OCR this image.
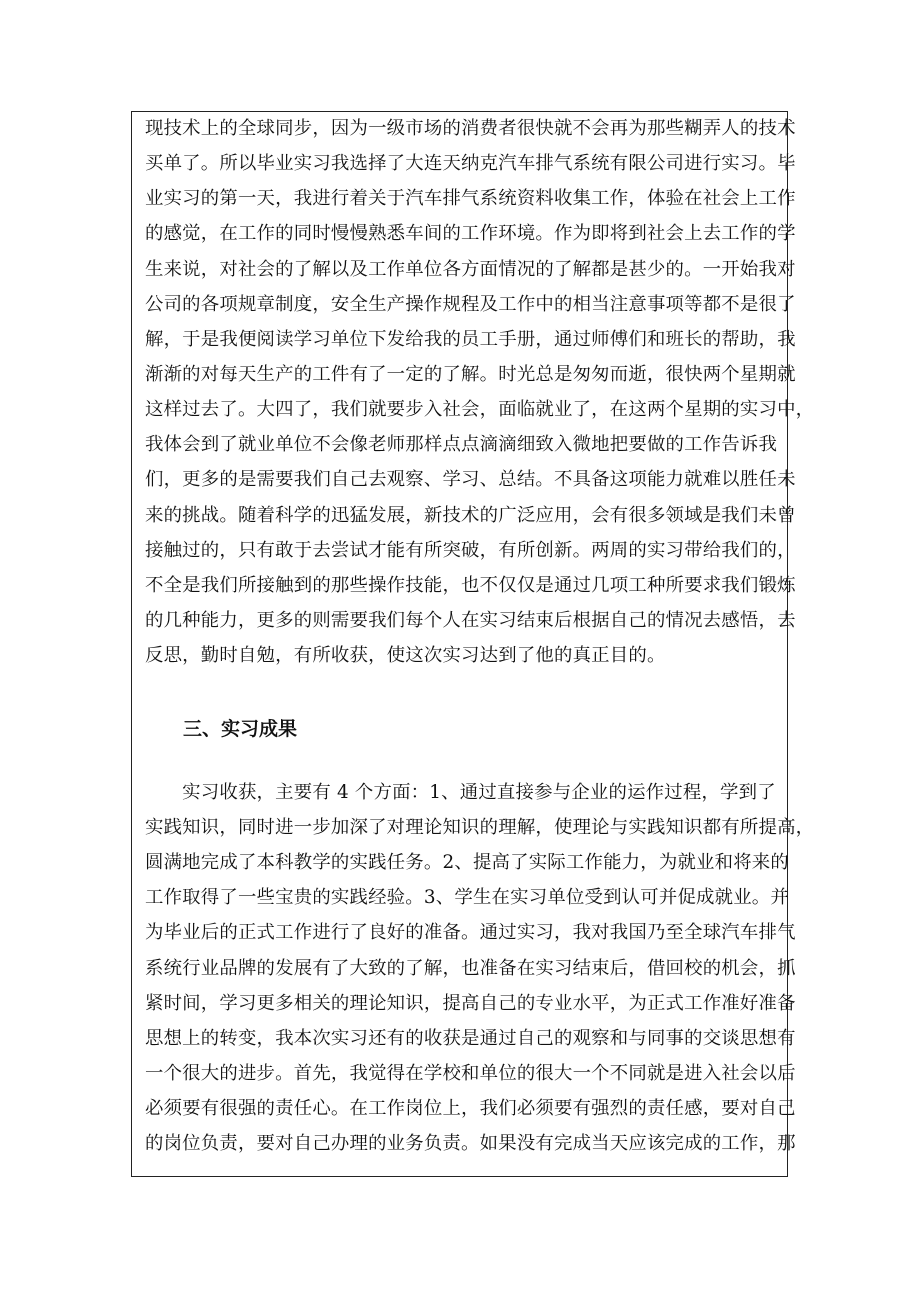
现技术上的全球同步，因为一级市场的消费者很快就不会再为那些糊弄人的技术
买单了。所以毕业实习我选择了大连天纳克汽车排气系统有限公司进行实习。毕
业实习的第一天，我进行着关于汽车排气系统资料收集工作，体验在社会上工作
的感觉，在工作的同时慢慢熟悉车间的工作环境。作为即将到社会上去工作的学
生来说，对社会的了解以及工作单位各方面情况的了解都是甚少的。一开始我对
公司的各项规章制度，安全生产操作规程及工作中的相当注意事项等都不是很了
解，于是我便阅读学习单位下发给我的员工手册，通过师傅们和班长的帮助，我
渐渐的对每天生产的工件有了一定的了解。时光总是匆匆而逝，很快两个星期就
这样过去了。大四了，我们就要步入社会，面临就业了，在这两个星期的实习中，
我体会到了就业单位不会像老师那样点点滴滴细致入微地把要做的工作告诉我
们，更多的是需要我们自己去观察、学习、总结。不具备这项能力就难以胜任未
来的挑战。随着科学的迅猛发展，新技术的广泛应用，会有很多领域是我们未曾
接触过的，只有敢于去尝试才能有所突破，有所创新。两周的实习带给我们的，
不全是我们所接触到的那些操作技能，也不仅仅是通过几项工种所要求我们锻炼
的几种能力，更多的则需要我们每个人在实习结束后根据自己的情况去感悟，去
反思，勤时自勉，有所收获，使这次实习达到了他的真正目的。
三、实习成果
　　实习收获，主要有 4 个方面：1、通过直接参与企业的运作过程，学到了
实践知识，同时进一步加深了对理论知识的理解，使理论与实践知识都有所提高，
圆满地完成了本科教学的实践任务。2、提高了实际工作能力，为就业和将来的
工作取得了一些宝贵的实践经验。3、学生在实习单位受到认可并促成就业。并
为毕业后的正式工作进行了良好的准备。通过实习，我对我国乃至全球汽车排气
系统行业品牌的发展有了大致的了解，也准备在实习结束后，借回校的机会，抓
紧时间，学习更多相关的理论知识，提高自己的专业水平，为正式工作准好准备
思想上的转变，我本次实习还有的收获是通过自己的观察和与同事的交谈思想有
一个很大的进步。首先，我觉得在学校和单位的很大一个不同就是进入社会以后
必须要有很强的责任心。在工作岗位上，我们必须要有强烈的责任感，要对自己
的岗位负责，要对自己办理的业务负责。如果没有完成当天应该完成的工作，那
